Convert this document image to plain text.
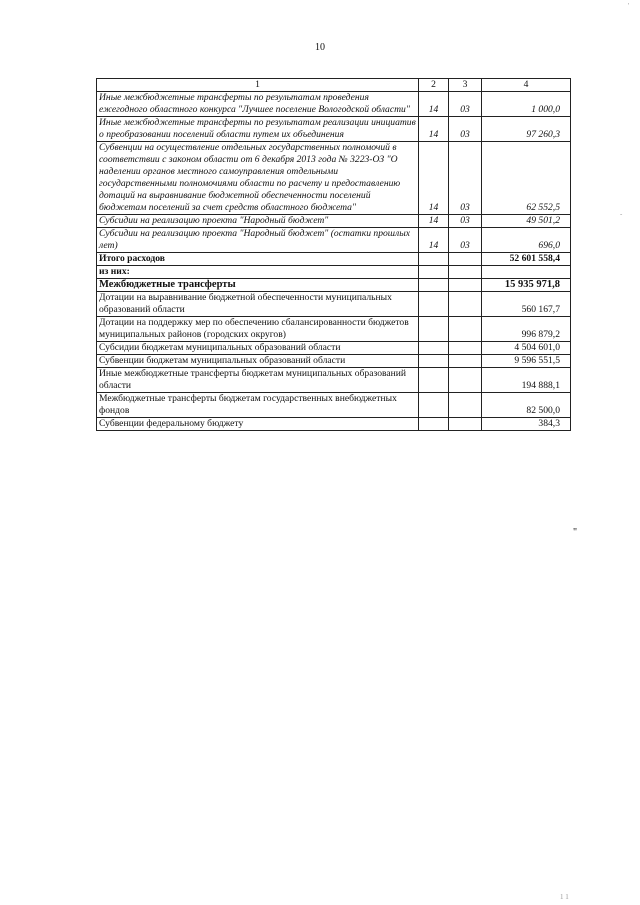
10
1	2	3	4
Иные межбюджетные трансферты по результатам проведения ежегодного областного конкурса "Лучшее поселение Вологодской области"	14	03	1 000,0
Иные межбюджетные трансферты по результатам реализации инициатив о преобразовании поселений области путем их объединения	14	03	97 260,3
Субвенции на осуществление отдельных государственных полномочий в соответствии с законом области от 6 декабря 2013 года № 3223-ОЗ "О наделении органов местного самоуправления отдельными государственными полномочиями области по расчету и предоставлению дотаций на выравнивание бюджетной обеспеченности поселений бюджетам поселений за счет средств областного бюджета"	14	03	62 552,5
Субсидии на реализацию проекта "Народный бюджет"	14	03	49 501,2
Субсидии на реализацию проекта "Народный бюджет" (остатки прошлых лет)	14	03	696,0
Итого расходов			52 601 558,4
из них:			
Межбюджетные трансферты			15 935 971,8
Дотации на выравнивание бюджетной обеспеченности муниципальных образований области			560 167,7
Дотации на поддержку мер по обеспечению сбалансированности бюджетов муниципальных районов (городских округов)			996 879,2
Субсидии бюджетам муниципальных образований области			4 504 601,0
Субвенции бюджетам муниципальных образований области			9 596 551,5
Иные межбюджетные трансферты бюджетам муниципальных образований области			194 888,1
Межбюджетные трансферты бюджетам государственных внебюджетных фондов			82 500,0
Субвенции федеральному бюджету			384,3
"
'
-
1 1
